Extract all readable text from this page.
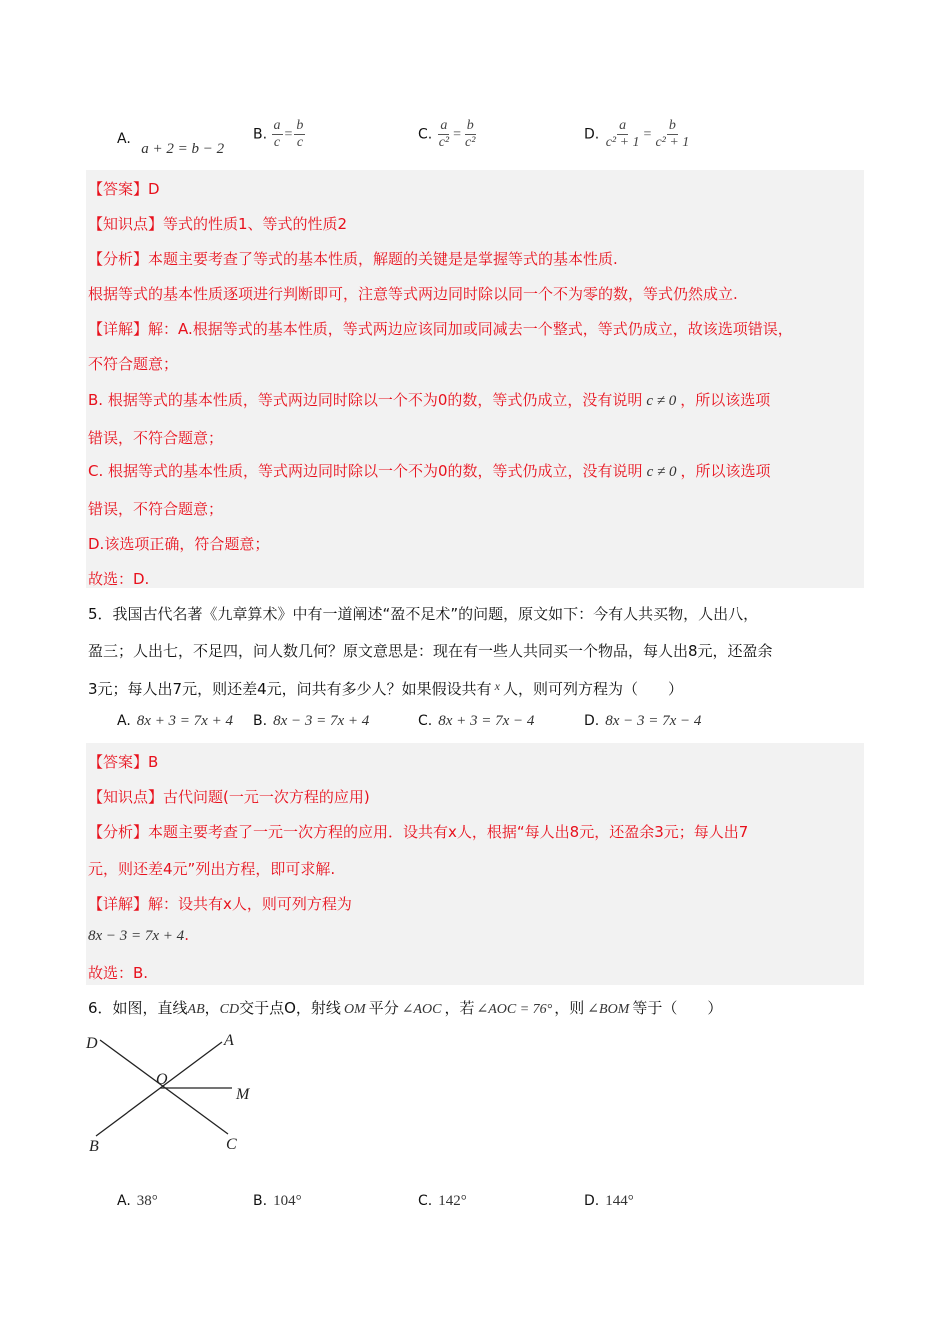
A. a + 2 = b − 2
B. $\frac{a}{c} = \frac{b}{c}$	C. $\frac{a}{\text{c²}} = \frac{b}{\text{c²}}$	D. $\frac{a}{\text{c² + 1}} = \frac{b}{\text{c² + 1}}$
【答案】D
【知识点】等式的性质1、等式的性质2
【分析】本题主要考查了等式的基本性质，解题的关键是是掌握等式的基本性质.
根据等式的基本性质逐项进行判断即可，注意等式两边同时除以同一个不为零的数，等式仍然成立.
【详解】解：A.根据等式的基本性质，等式两边应该同加或同减去一个整式，等式仍成立，故该选项错误，
不符合题意；
B. 根据等式的基本性质，等式两边同时除以一个不为0的数，等式仍成立，没有说明 c ≠ 0 ，所以该选项
错误，不符合题意；
C. 根据等式的基本性质，等式两边同时除以一个不为0的数，等式仍成立，没有说明 c ≠ 0 ，所以该选项
错误，不符合题意；
D.该选项正确，符合题意；
故选：D.
5．我国古代名著《九章算术》中有一道阐述“盈不足术”的问题，原文如下：今有人共买物，人出八，
盈三；人出七，不足四，问人数几何？原文意思是：现在有一些人共同买一个物品，每人出8元，还盈余
3元；每人出7元，则还差4元，问共有多少人？如果假设共有 $^x$ 人，则可列方程为（　　）
A. 8x + 3 = 7x + 4 B. 8x − 3 = 7x + 4	C. 8x + 3 = 7x − 4	D. 8x − 3 = 7x − 4
【答案】B
【知识点】古代问题(一元一次方程的应用)
【分析】本题主要考查了一元一次方程的应用．设共有x人，根据“每人出8元，还盈余3元；每人出7
元，则还差4元”列出方程，即可求解.
【详解】解：设共有x人，则可列方程为
8x − 3 = 7x + 4.
故选：B.
6．如图，直线AB，CD交于点O，射线 OM 平分 ∠AOC ，若 ∠AOC = 76° ，则 ∠BOM 等于（　　）
D	A
O
M
B	C
A. 38°	B. 104°	C. 142°	D. 144°
